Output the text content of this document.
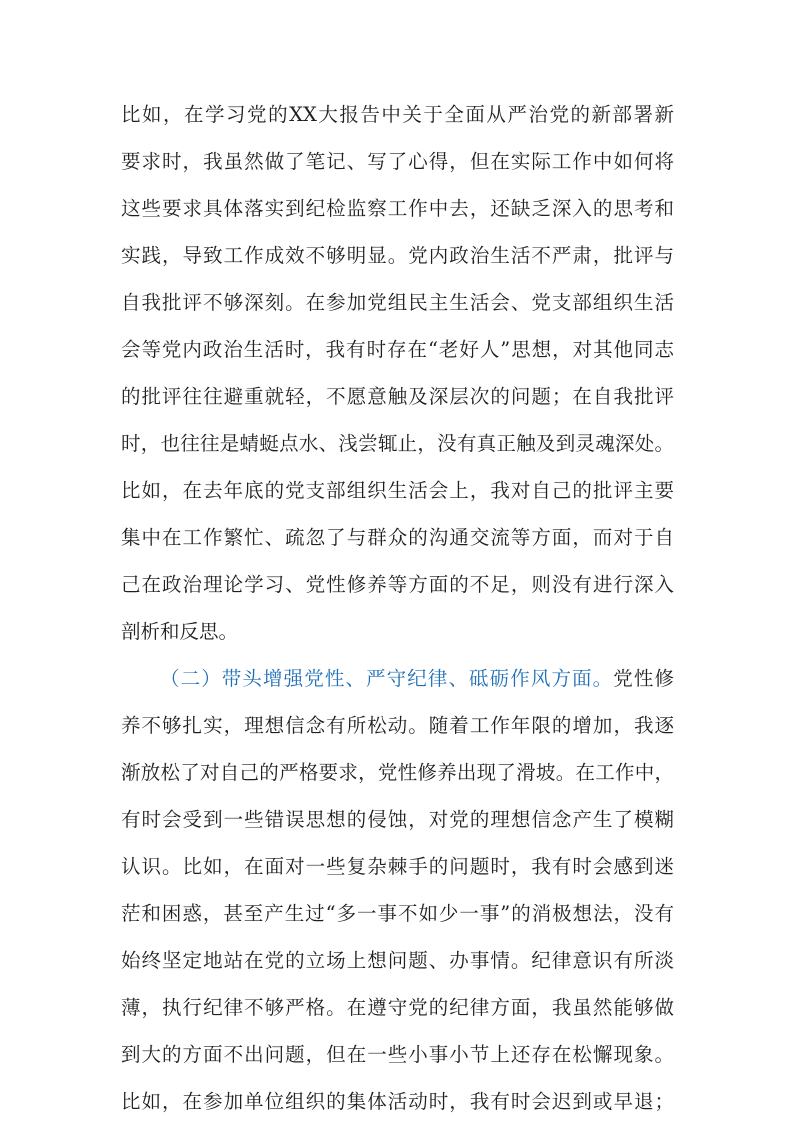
比如，在学习党的XX大报告中关于全面从严治党的新部署新
要求时，我虽然做了笔记、写了心得，但在实际工作中如何将
这些要求具体落实到纪检监察工作中去，还缺乏深入的思考和
实践，导致工作成效不够明显。党内政治生活不严肃，批评与
自我批评不够深刻。在参加党组民主生活会、党支部组织生活
会等党内政治生活时，我有时存在“老好人”思想，对其他同志
的批评往往避重就轻，不愿意触及深层次的问题；在自我批评
时，也往往是蜻蜓点水、浅尝辄止，没有真正触及到灵魂深处。
比如，在去年底的党支部组织生活会上，我对自己的批评主要
集中在工作繁忙、疏忽了与群众的沟通交流等方面，而对于自
己在政治理论学习、党性修养等方面的不足，则没有进行深入
剖析和反思。
（二）带头增强党性、严守纪律、砥砺作风方面。党性修
养不够扎实，理想信念有所松动。随着工作年限的增加，我逐
渐放松了对自己的严格要求，党性修养出现了滑坡。在工作中，
有时会受到一些错误思想的侵蚀，对党的理想信念产生了模糊
认识。比如，在面对一些复杂棘手的问题时，我有时会感到迷
茫和困惑，甚至产生过“多一事不如少一事”的消极想法，没有
始终坚定地站在党的立场上想问题、办事情。纪律意识有所淡
薄，执行纪律不够严格。在遵守党的纪律方面，我虽然能够做
到大的方面不出问题，但在一些小事小节上还存在松懈现象。
比如，在参加单位组织的集体活动时，我有时会迟到或早退；
